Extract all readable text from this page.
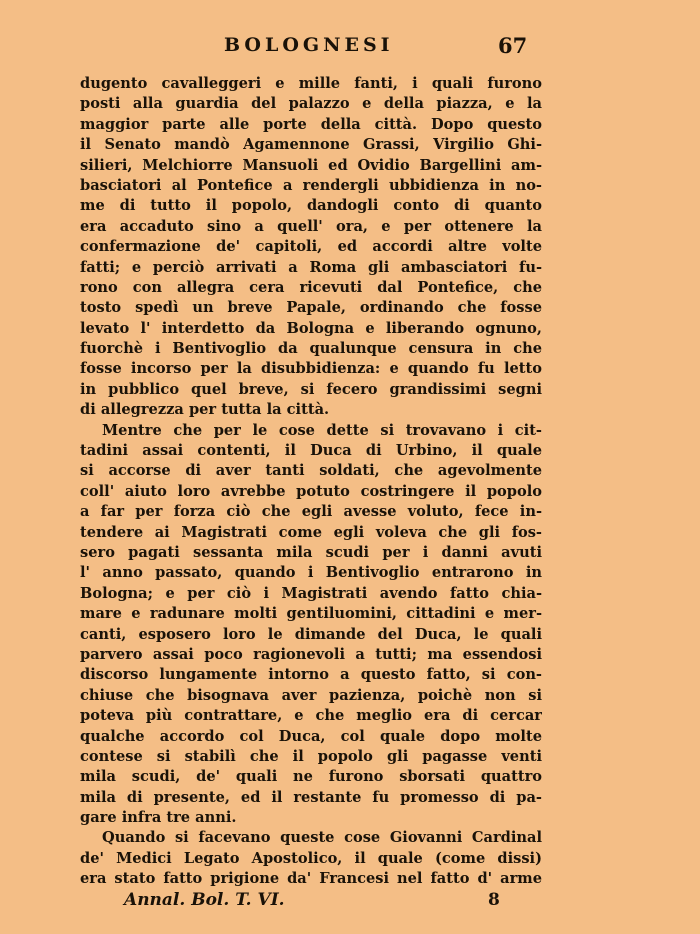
BOLOGNESI	67
dugento cavalleggeri e mille fanti, i quali furono
posti alla guardia del palazzo e della piazza, e la
maggior parte alle porte della città. Dopo questo
il Senato mandò Agamennone Grassi, Virgilio Ghi-
silieri, Melchiorre Mansuoli ed Ovidio Bargellini am-
basciatori al Pontefice a rendergli ubbidienza in no-
me di tutto il popolo, dandogli conto di quanto
era accaduto sino a quell' ora, e per ottenere la
confermazione de' capitoli, ed accordi altre volte
fatti; e perciò arrivati a Roma gli ambasciatori fu-
rono con allegra cera ricevuti dal Pontefice, che
tosto spedì un breve Papale, ordinando che fosse
levato l' interdetto da Bologna e liberando ognuno,
fuorchè i Bentivoglio da qualunque censura in che
fosse incorso per la disubbidienza: e quando fu letto
in pubblico quel breve, si fecero grandissimi segni
di allegrezza per tutta la città.
Mentre che per le cose dette si trovavano i cit-
tadini assai contenti, il Duca di Urbino, il quale
si accorse di aver tanti soldati, che agevolmente
coll' aiuto loro avrebbe potuto costringere il popolo
a far per forza ciò che egli avesse voluto, fece in-
tendere ai Magistrati come egli voleva che gli fos-
sero pagati sessanta mila scudi per i danni avuti
l' anno passato, quando i Bentivoglio entrarono in
Bologna; e per ciò i Magistrati avendo fatto chia-
mare e radunare molti gentiluomini, cittadini e mer-
canti, esposero loro le dimande del Duca, le quali
parvero assai poco ragionevoli a tutti; ma essendosi
discorso lungamente intorno a questo fatto, si con-
chiuse che bisognava aver pazienza, poichè non si
poteva più contrattare, e che meglio era di cercar
qualche accordo col Duca, col quale dopo molte
contese si stabilì che il popolo gli pagasse venti
mila scudi, de' quali ne furono sborsati quattro
mila di presente, ed il restante fu promesso di pa-
gare infra tre anni.
Quando si facevano queste cose Giovanni Cardinal
de' Medici Legato Apostolico, il quale (come dissi)
era stato fatto prigione da' Francesi nel fatto d' arme
Annal. Bol. T. VI.	8
